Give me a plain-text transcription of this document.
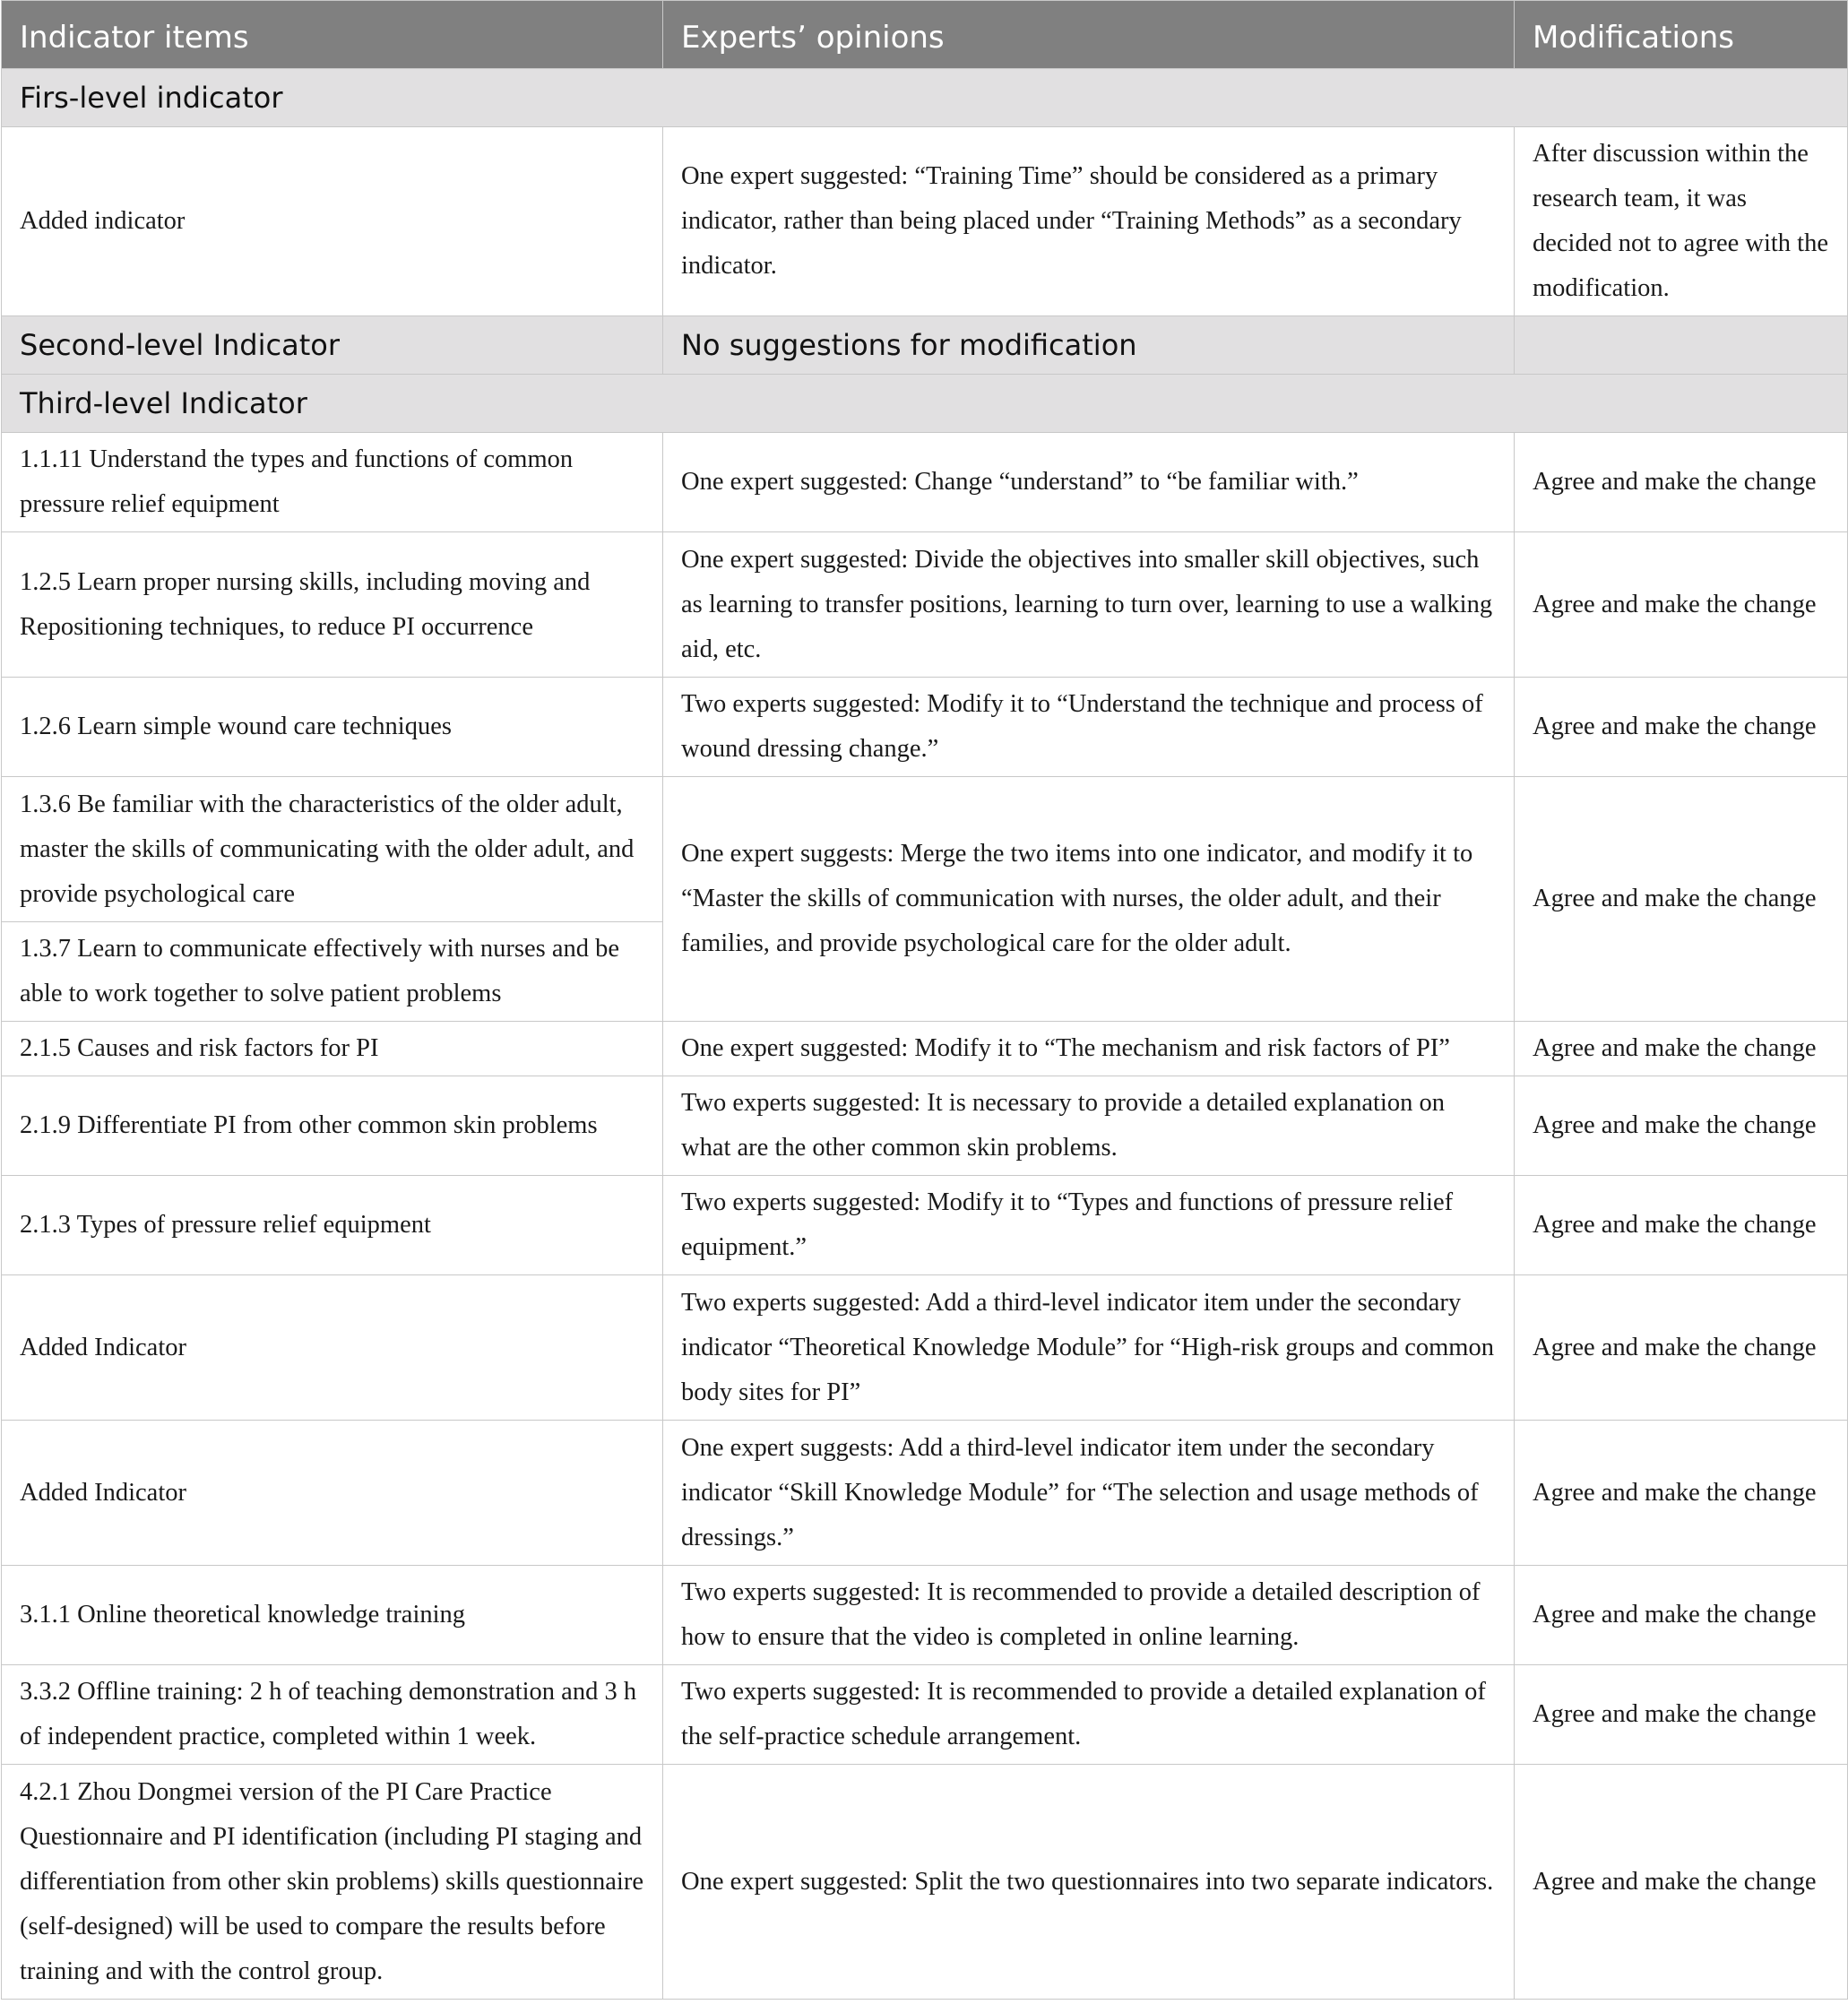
Indicator items	Experts’ opinions	Modifications
Firs-level indicator		
Added indicator	One expert suggested: “Training Time” should be considered as a primary indicator, rather than being placed under “Training Methods” as a secondary indicator.	After discussion within the research team, it was decided not to agree with the modification.
Second-level Indicator	No suggestions for modification	
Third-level Indicator		
1.1.11 Understand the types and functions of common pressure relief equipment	One expert suggested: Change “understand” to “be familiar with.”	Agree and make the change
1.2.5 Learn proper nursing skills, including moving and Repositioning techniques, to reduce PI occurrence	One expert suggested: Divide the objectives into smaller skill objectives, such as learning to transfer positions, learning to turn over, learning to use a walking aid, etc.	Agree and make the change
1.2.6 Learn simple wound care techniques	Two experts suggested: Modify it to “Understand the technique and process of wound dressing change.”	Agree and make the change
1.3.6 Be familiar with the characteristics of the older adult, master the skills of communicating with the older adult, and provide psychological care	One expert suggests: Merge the two items into one indicator, and modify it to “Master the skills of communication with nurses, the older adult, and their families, and provide psychological care for the older adult.	Agree and make the change
1.3.7 Learn to communicate effectively with nurses and be able to work together to solve patient problems		
2.1.5 Causes and risk factors for PI	One expert suggested: Modify it to “The mechanism and risk factors of PI”	Agree and make the change
2.1.9 Differentiate PI from other common skin problems	Two experts suggested: It is necessary to provide a detailed explanation on what are the other common skin problems.	Agree and make the change
2.1.3 Types of pressure relief equipment	Two experts suggested: Modify it to “Types and functions of pressure relief equipment.”	Agree and make the change
Added Indicator	Two experts suggested: Add a third-level indicator item under the secondary indicator “Theoretical Knowledge Module” for “High-risk groups and common body sites for PI”	Agree and make the change
Added Indicator	One expert suggests: Add a third-level indicator item under the secondary indicator “Skill Knowledge Module” for “The selection and usage methods of dressings.”	Agree and make the change
3.1.1 Online theoretical knowledge training	Two experts suggested: It is recommended to provide a detailed description of how to ensure that the video is completed in online learning.	Agree and make the change
3.3.2 Offline training: 2 h of teaching demonstration and 3 h of independent practice, completed within 1 week.	Two experts suggested: It is recommended to provide a detailed explanation of the self-practice schedule arrangement.	Agree and make the change
4.2.1 Zhou Dongmei version of the PI Care Practice Questionnaire and PI identification (including PI staging and differentiation from other skin problems) skills questionnaire (self-designed) will be used to compare the results before training and with the control group.	One expert suggested: Split the two questionnaires into two separate indicators.	Agree and make the change
